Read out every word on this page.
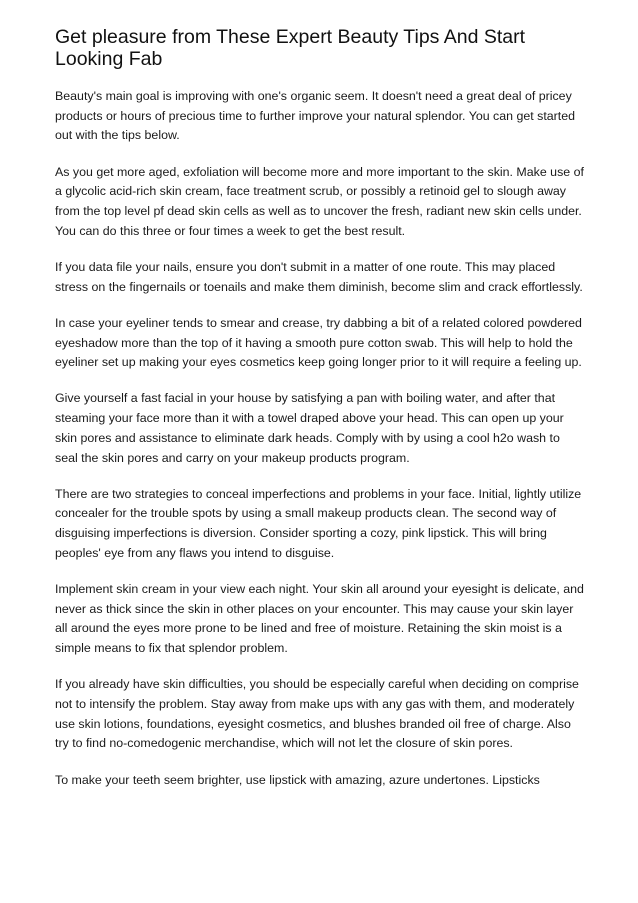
Get pleasure from These Expert Beauty Tips And Start Looking Fab

Beauty's main goal is improving with one's organic seem. It doesn't need a great deal of pricey products or hours of precious time to further improve your natural splendor. You can get started out with the tips below.

As you get more aged, exfoliation will become more and more important to the skin. Make use of a glycolic acid-rich skin cream, face treatment scrub, or possibly a retinoid gel to slough away from the top level pf dead skin cells as well as to uncover the fresh, radiant new skin cells under. You can do this three or four times a week to get the best result.

If you data file your nails, ensure you don't submit in a matter of one route. This may placed stress on the fingernails or toenails and make them diminish, become slim and crack effortlessly.

In case your eyeliner tends to smear and crease, try dabbing a bit of a related colored powdered eyeshadow more than the top of it having a smooth pure cotton swab. This will help to hold the eyeliner set up making your eyes cosmetics keep going longer prior to it will require a feeling up.

Give yourself a fast facial in your house by satisfying a pan with boiling water, and after that steaming your face more than it with a towel draped above your head. This can open up your skin pores and assistance to eliminate dark heads. Comply with by using a cool h2o wash to seal the skin pores and carry on your makeup products program.

There are two strategies to conceal imperfections and problems in your face. Initial, lightly utilize concealer for the trouble spots by using a small makeup products clean. The second way of disguising imperfections is diversion. Consider sporting a cozy, pink lipstick. This will bring peoples' eye from any flaws you intend to disguise.

Implement skin cream in your view each night. Your skin all around your eyesight is delicate, and never as thick since the skin in other places on your encounter. This may cause your skin layer all around the eyes more prone to be lined and free of moisture. Retaining the skin moist is a simple means to fix that splendor problem.

If you already have skin difficulties, you should be especially careful when deciding on comprise not to intensify the problem. Stay away from make ups with any gas with them, and moderately use skin lotions, foundations, eyesight cosmetics, and blushes branded oil free of charge. Also try to find no-comedogenic merchandise, which will not let the closure of skin pores.

To make your teeth seem brighter, use lipstick with amazing, azure undertones. Lipsticks
